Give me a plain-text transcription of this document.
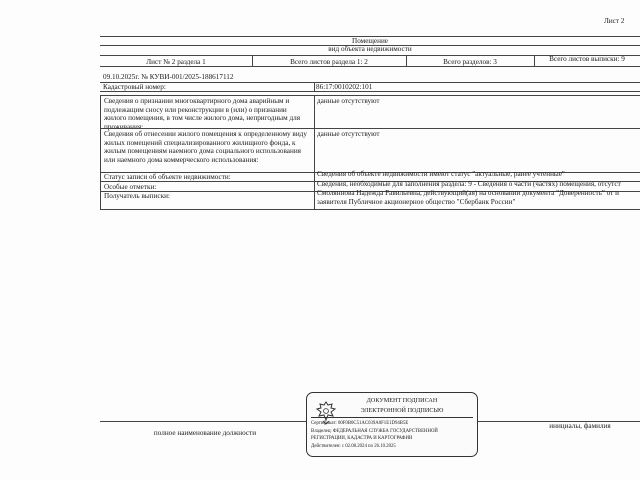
Лист 2
Помещение
вид объекта недвижимости
Лист № 2 раздела 1	Всего листов раздела 1: 2	Всего разделов: 3	Всего листов выписки: 9
09.10.2025г. № КУВИ-001/2025-188617112
Кадастровый номер:	86:17:0010202:101
Сведения о признании многоквартирного дома аварийным и подлежащим сносу или реконструкции в (или) о признании жилого помещения, в том числе жилого дома, непригодным для проживания:
данные отсутствуют
Сведения об отнесении жилого помещения к определенному виду жилых помещений специализированного жилищного фонда, к жилым помещениям наемного дома социального использования или наемного дома коммерческого использования:
данные отсутствуют
Статус записи об объекте недвижимости:	Сведения об объекте недвижимости имеют статус "актуальные, ранее учтенные"
Особые отметки:	Сведения, необходимые для заполнения раздела: 9 - Сведения о части (частях) помещения, отсутст
Получатель выписки:	Смоляннова Надежда Равильевна, действующий(ая) на основании документа "Доверенность" от и
заявителя Публичное акционерное общество "Сбербанк России"
полное наименование должности
инициалы, фамилия
ДОКУМЕНТ ПОДПИСАН
ЭЛЕКТРОННОЙ ПОДПИСЬЮ
Сертификат: 00F0B0C51AC039A0F1E1D94B5E
Владелец: ФЕДЕРАЛЬНАЯ СЛУЖБА ГОСУДАРСТВЕННОЙ
РЕГИСТРАЦИИ, КАДАСТРА И КАРТОГРАФИИ
Действителен: с 02.08.2024 по 26.10.2025
